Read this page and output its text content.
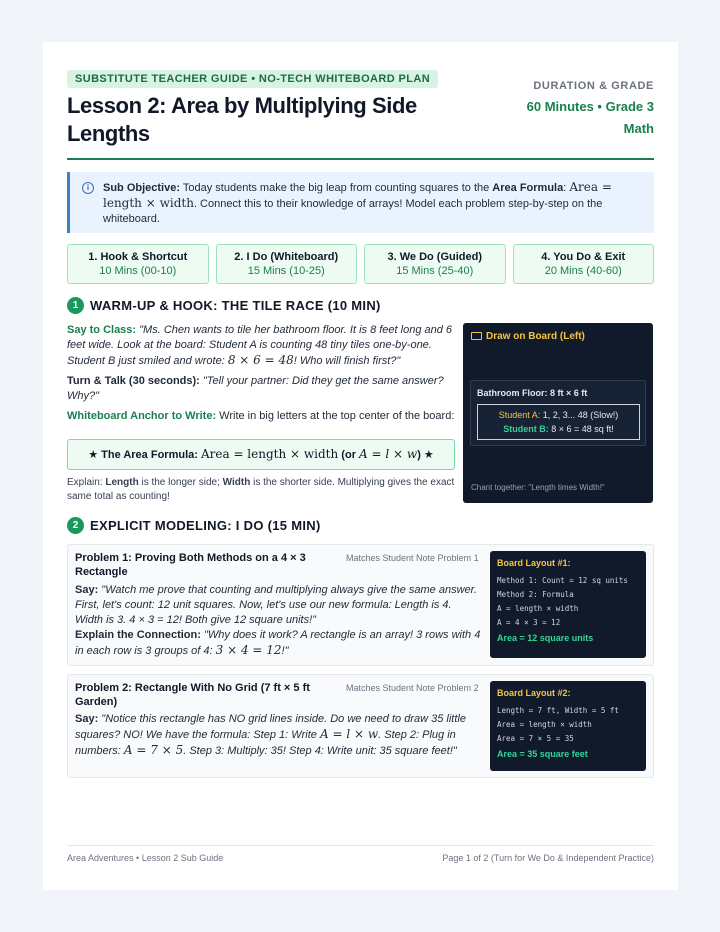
SUBSTITUTE TEACHER GUIDE • NO-TECH WHITEBOARD PLAN
Lesson 2: Area by Multiplying Side Lengths
DURATION & GRADE
60 Minutes • Grade 3 Math
i	Sub Objective: Today students make the big leap from counting squares to the Area Formula: Area = length × width. Connect this to their knowledge of arrays! Model each problem step-by-step on the whiteboard.
1. Hook & Shortcut
10 Mins (00-10)
2. I Do (Whiteboard)
15 Mins (10-25)
3. We Do (Guided)
15 Mins (25-40)
4. You Do & Exit
20 Mins (40-60)
1 WARM-UP & HOOK: THE TILE RACE (10 MIN)

Say to Class: "Ms. Chen wants to tile her bathroom floor. It is 8 feet long and 6 feet wide. Look at the board: Student A is counting 48 tiny tiles one-by-one. Student B just smiled and wrote: 8 × 6 = 48! Who will finish first?"

Turn & Talk (30 seconds): "Tell your partner: Did they get the same answer? Why?"

Whiteboard Anchor to Write: Write in big letters at the top center of the board:

★ The Area Formula: Area = length × width (or A = l × w) ★

Explain: Length is the longer side; Width is the shorter side. Multiplying gives the exact same total as counting!

Draw on Board (Left)
Bathroom Floor: 8 ft × 6 ft
Student A: 1, 2, 3... 48 (Slow!)
Student B: 8 × 6 = 48 sq ft!
Chant together: "Length times Width!"
2 EXPLICIT MODELING: I DO (15 MIN)
Problem 1: Proving Both Methods on a 4 × 3 Rectangle
Matches Student Note Problem 1

Say: "Watch me prove that counting and multiplying always give the same answer. First, let's count: 12 unit squares. Now, let's use our new formula: Length is 4. Width is 3. 4 × 3 = 12! Both give 12 square units!"

Explain the Connection: "Why does it work? A rectangle is an array! 3 rows with 4 in each row is 3 groups of 4: 3 × 4 = 12!"

Board Layout #1:
Method 1: Count = 12 sq units
Method 2: Formula
A = length × width
A = 4 × 3 = 12
Area = 12 square units
Problem 2: Rectangle With No Grid (7 ft × 5 ft Garden)
Matches Student Note Problem 2

Say: "Notice this rectangle has NO grid lines inside. Do we need to draw 35 little squares? NO! We have the formula: Step 1: Write A = l × w. Step 2: Plug in numbers: A = 7 × 5. Step 3: Multiply: 35! Step 4: Write unit: 35 square feet!"

Board Layout #2:
Length = 7 ft, Width = 5 ft
Area = length × width
Area = 7 × 5 = 35
Area = 35 square feet
Area Adventures • Lesson 2 Sub Guide	Page 1 of 2 (Turn for We Do & Independent Practice)
